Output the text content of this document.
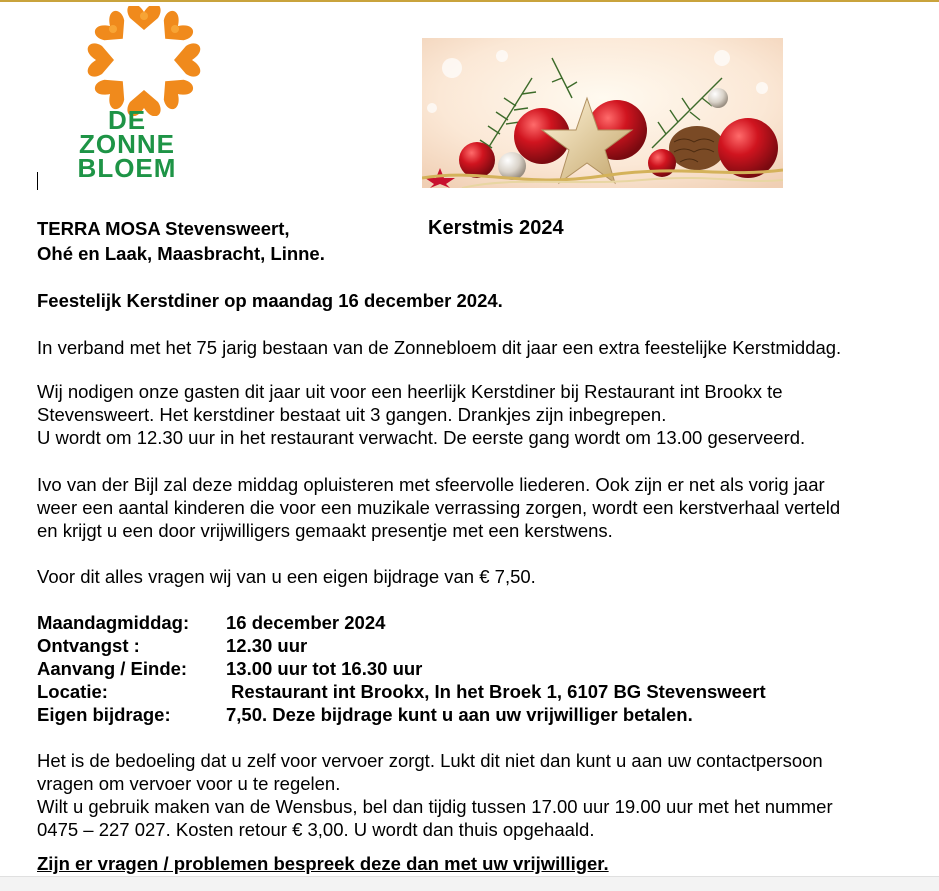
DE
ZONNE
BLOEM
TERRA MOSA Stevensweert,
Ohé en Laak, Maasbracht, Linne.
Kerstmis 2024
Feestelijk Kerstdiner op maandag 16 december 2024.
In verband met het 75 jarig bestaan van de Zonnebloem dit jaar een extra feestelijke Kerstmiddag.
Wij nodigen onze gasten dit jaar uit voor een heerlijk Kerstdiner bij Restaurant int Brookx te
Stevensweert. Het kerstdiner bestaat uit 3 gangen. Drankjes zijn inbegrepen.
U wordt om 12.30 uur in het restaurant verwacht. De eerste gang wordt om 13.00 geserveerd.
Ivo van der Bijl zal deze middag opluisteren met sfeervolle liederen. Ook zijn er net als vorig jaar
weer een aantal kinderen die voor een muzikale verrassing zorgen, wordt een kerstverhaal verteld
en krijgt u een door vrijwilligers gemaakt presentje met een kerstwens.
Voor dit alles vragen wij van u een eigen bijdrage van € 7,50.
Maandagmiddag: 16 december 2024
Ontvangst :	12.30 uur
Aanvang / Einde: 13.00 uur tot 16.30 uur
Locatie:	Restaurant int Brookx, In het Broek 1, 6107 BG Stevensweert
Eigen bijdrage:	7,50. Deze bijdrage kunt u aan uw vrijwilliger betalen.
Het is de bedoeling dat u zelf voor vervoer zorgt. Lukt dit niet dan kunt u aan uw contactpersoon
vragen om vervoer voor u te regelen.
Wilt u gebruik maken van de Wensbus, bel dan tijdig tussen 17.00 uur 19.00 uur met het nummer
0475 – 227 027. Kosten retour € 3,00. U wordt dan thuis opgehaald.
Zijn er vragen / problemen bespreek deze dan met uw vrijwilliger.
